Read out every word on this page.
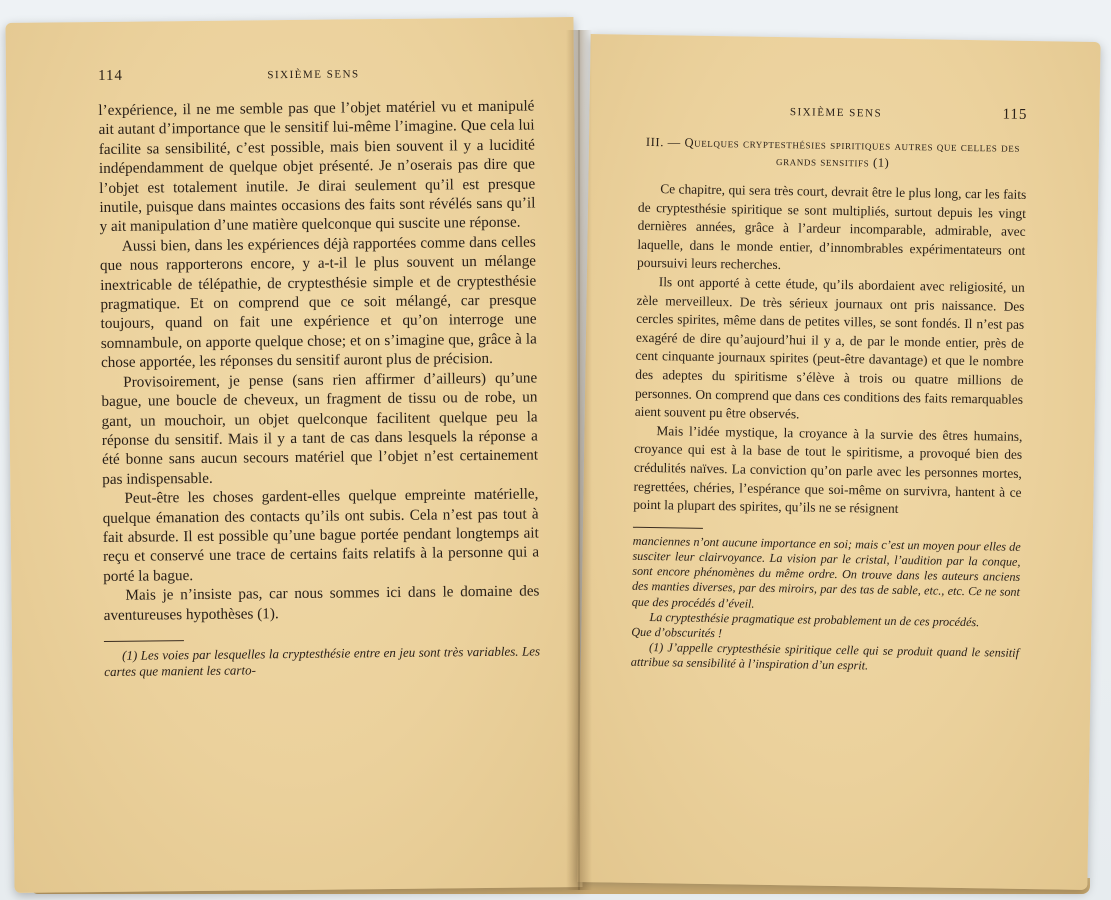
114	SIXIÈME SENS

l’expérience, il ne me semble pas que l’objet matériel vu et manipulé ait autant d’importance que le sensitif lui-même l’imagine. Que cela lui facilite sa sensibilité, c’est possible, mais bien souvent il y a lucidité indépendamment de quelque objet présenté. Je n’oserais pas dire que l’objet est totalement inutile. Je dirai seulement qu’il est presque inutile, puisque dans maintes occasions des faits sont révélés sans qu’il y ait manipulation d’une matière quelconque qui suscite une réponse.

Aussi bien, dans les expériences déjà rapportées comme dans celles que nous rapporterons encore, y a-t-il le plus souvent un mélange inextricable de télépathie, de cryptesthésie simple et de cryptesthésie pragmatique. Et on comprend que ce soit mélangé, car presque toujours, quand on fait une expérience et qu’on interroge une somnambule, on apporte quelque chose; et on s’imagine que, grâce à la chose apportée, les réponses du sensitif auront plus de précision.

Provisoirement, je pense (sans rien affirmer d’ailleurs) qu’une bague, une boucle de cheveux, un fragment de tissu ou de robe, un gant, un mouchoir, un objet quelconque facilitent quelque peu la réponse du sensitif. Mais il y a tant de cas dans lesquels la réponse a été bonne sans aucun secours matériel que l’objet n’est certainement pas indispensable.

Peut-être les choses gardent-elles quelque empreinte matérielle, quelque émanation des contacts qu’ils ont subis. Cela n’est pas tout à fait absurde. Il est possible qu’une bague portée pendant longtemps ait reçu et conservé une trace de certains faits relatifs à la personne qui a porté la bague.

Mais je n’insiste pas, car nous sommes ici dans le domaine des aventureuses hypothèses (1).

(1) Les voies par lesquelles la cryptesthésie entre en jeu sont très variables. Les cartes que manient les carto-

SIXIÈME SENS	115

III. — Quelques cryptesthésies spiritiques autres que celles des grands sensitifs (1)

Ce chapitre, qui sera très court, devrait être le plus long, car les faits de cryptesthésie spiritique se sont multipliés, surtout depuis les vingt dernières années, grâce à l’ardeur incomparable, admirable, avec laquelle, dans le monde entier, d’innombrables expérimentateurs ont poursuivi leurs recherches.

Ils ont apporté à cette étude, qu’ils abordaient avec religiosité, un zèle merveilleux. De très sérieux journaux ont pris naissance. Des cercles spirites, même dans de petites villes, se sont fondés. Il n’est pas exagéré de dire qu’aujourd’hui il y a, de par le monde entier, près de cent cinquante journaux spirites (peut-être davantage) et que le nombre des adeptes du spiritisme s’élève à trois ou quatre millions de personnes. On comprend que dans ces conditions des faits remarquables aient souvent pu être observés.

Mais l’idée mystique, la croyance à la survie des êtres humains, croyance qui est à la base de tout le spiritisme, a provoqué bien des crédulités naïves. La conviction qu’on parle avec les personnes mortes, regrettées, chéries, l’espérance que soi-même on survivra, hantent à ce point la plupart des spirites, qu’ils ne se résignent

manciennes n’ont aucune importance en soi; mais c’est un moyen pour elles de susciter leur clairvoyance. La vision par le cristal, l’audition par la conque, sont encore phénomènes du même ordre. On trouve dans les auteurs anciens des manties diverses, par des miroirs, par des tas de sable, etc., etc. Ce ne sont que des procédés d’éveil.

La cryptesthésie pragmatique est probablement un de ces procédés.

Que d’obscurités !

(1) J’appelle cryptesthésie spiritique celle qui se produit quand le sensitif attribue sa sensibilité à l’inspiration d’un esprit.
